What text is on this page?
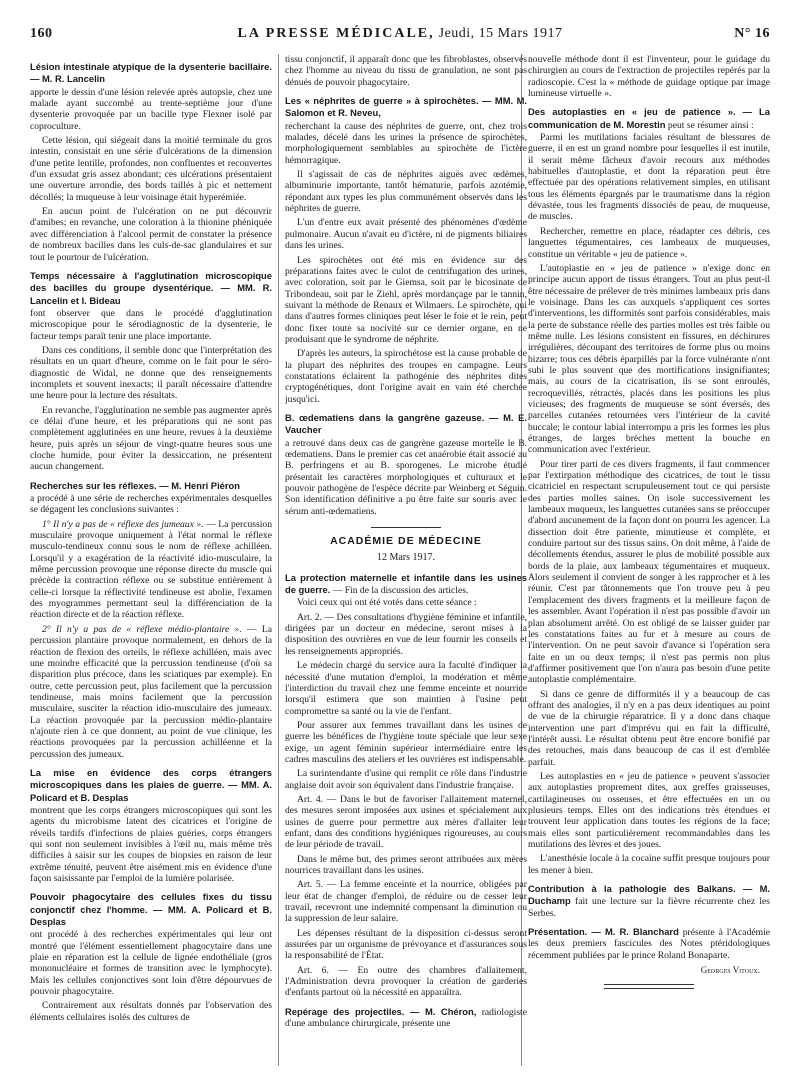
160	LA PRESSE MÉDICALE, Jeudi, 15 Mars 1917	N° 16

Lésion intestinale atypique de la dysenterie bacillaire. — M. R. Lancelin

apporte le dessin d'une lésion relevée après autopsie, chez une malade ayant succombé au trente-septième jour d'une dysenterie provoquée par un bacille type Flexner isolé par coproculture.

Cette lésion, qui siégeait dans la moitié terminale du gros intestin, consistait en une série d'ulcérations de la dimension d'une petite lentille, profondes, non confluentes et recouvertes d'un exsudat gris assez abondant; ces ulcérations présentaient une ouverture arrondie, des bords taillés à pic et nettement décollés; la muqueuse à leur voisinage était hyperémiée.

En aucun point de l'ulcération on ne put découvrir d'amibes; en revanche, une coloration à la thionine phéniquée avec différenciation à l'alcool permit de constater la présence de nombreux bacilles dans les culs-de-sac glandulaires et sur tout le pourtour de l'ulcération.

Temps nécessaire à l'agglutination microscopique des bacilles du groupe dysentérique. — MM. R. Lancelin et I. Bideau

font observer que dans le procédé d'agglutination microscopique pour le sérodiagnostic de la dysenterie, le facteur temps paraît tenir une place importante.

Dans ces conditions, il semble donc que l'interprétation des résultats en un quart d'heure, comme on le fait pour le séro-diagnostic de Widal, ne donne que des renseignements incomplets et souvent inexacts; il paraît nécessaire d'attendre une heure pour la lecture des résultats.

En revanche, l'agglutination ne semble pas augmenter après ce délai d'une heure, et les préparations qui ne sont pas complètement agglutinées en une heure, revues à la deuxième heure, puis après un séjour de vingt-quatre heures sous une cloche humide, pour éviter la dessiccation, ne présentent aucun changement.

Recherches sur les réflexes. — M. Henri Piéron

a procédé à une série de recherches expérimentales desquelles se dégagent les conclusions suivantes :

1° Il n'y a pas de « réflexe des jumeaux ». — La percussion musculaire provoque uniquement à l'état normal le réflexe musculo-tendineux connu sous le nom de réflexe achilléen. Lorsqu'il y a exagération de la réactivité idio-musculaire, la même percussion provoque une réponse directe du muscle qui précède la contraction réflexe ou se substitue entièrement à celle-ci lorsque la réflectivité tendineuse est abolie, l'examen des myogrammes permettant seul la différenciation de la réaction directe et de la réaction réflexe.

2° Il n'y a pas de « réflexe médio-plantaire ». — La percussion plantaire provoque normalement, en dehors de la réaction de flexion des orteils, le réflexe achilléen, mais avec une moindre efficacité que la percussion tendineuse (d'où sa disparition plus précoce, dans les sciatiques par exemple). En outre, cette percussion peut, plus facilement que la percussion tendineuse, mais moins facilement que la percussion musculaire, susciter la réaction idio-musculaire des jumeaux. La réaction provoquée par la percussion médio-plantaire n'ajoute rien à ce que donnent, au point de vue clinique, les réactions provoquées par la percussion achilléenne et la percussion des jumeaux.

La mise en évidence des corps étrangers microscopiques dans les plaies de guerre. — MM. A. Policard et B. Desplas

montrent que les corps étrangers microscopiques qui sont les agents du microbisme latent des cicatrices et l'origine de réveils tardifs d'infections de plaies guéries, corps étrangers qui sont non seulement invisibles à l'œil nu, mais même très difficiles à saisir sur les coupes de biopsies en raison de leur extrême ténuité, peuvent être aisément mis en évidence d'une façon saisissante par l'emploi de la lumière polarisée.

Pouvoir phagocytaire des cellules fixes du tissu conjonctif chez l'homme. — MM. A. Policard et B. Desplas

ont procédé à des recherches expérimentales qui leur ont montré que l'élément essentiellement phagocytaire dans une plaie en réparation est la cellule de lignée endothéliale (gros mononucléaire et formes de transition avec le lymphocyte). Mais les cellules conjonctives sont loin d'être dépourvues de pouvoir phagocytaire.

Contrairement aux résultats donnés par l'observation des éléments cellulaires isolés des cultures de

tissu conjonctif, il apparaît donc que les fibroblastes, observés chez l'homme au niveau du tissu de granulation, ne sont pas dénués de pouvoir phagocytaire.

Les « néphrites de guerre » à spirochètes. — MM. M. Salomon et R. Neveu,

recherchant la cause des néphrites de guerre, ont, chez trois malades, décelé dans les urines la présence de spirochètes, morphologiquement semblables au spirochète de l'ictère hémorragique.

Il s'agissait de cas de néphrites aiguës avec œdèmes, albuminurie importante, tantôt hématurie, parfois azotémie, répondant aux types les plus communément observés dans les néphrites de guerre.

L'un d'entre eux avait présenté des phénomènes d'œdème pulmonaire. Aucun n'avait eu d'ictère, ni de pigments biliaires dans les urines.

Les spirochètes ont été mis en évidence sur des préparations faites avec le culot de centrifugation des urines, avec coloration, soit par le Giemsa, soit par le bicosinate de Tribondeau, soit par le Ziehl, après mordançage par le tannin, suivant la méthode de Renaux et Wilmaers. Le spirochète, qui dans d'autres formes cliniques peut léser le foie et le rein, peut donc fixer toute sa nocivité sur ce dernier organe, en ne produisant que le syndrome de néphrite.

D'après les auteurs, la spirochétose est la cause probable de la plupart des néphrites des troupes en campagne. Leurs constatations éclairent la pathogénie des néphrites dites cryptogénétiques, dont l'origine avait en vain été cherchée jusqu'ici.

B. œdematiens dans la gangrène gazeuse. — M. E. Vaucher

a retrouvé dans deux cas de gangrène gazeuse mortelle le B. œdematiens. Dans le premier cas cet anaérobie était associé au B. perfringens et au B. sporogenes. Le microbe étudié présentait les caractères morphologiques et culturaux et le pouvoir pathogène de l'espèce décrite par Weinberg et Séguin. Son identification définitive a pu être faite sur souris avec le sérum anti-œdematiens.

ACADÉMIE DE MÉDECINE
12 Mars 1917.

La protection maternelle et infantile dans les usines de guerre. — Fin de la discussion des articles.

Voici ceux qui ont été votés dans cette séance :

Art. 2. — Des consultations d'hygiène féminine et infantile, dirigées par un docteur en médecine, seront mises à la disposition des ouvrières en vue de leur fournir les conseils et les renseignements appropriés.

Le médecin chargé du service aura la faculté d'indiquer la nécessité d'une mutation d'emploi, la modération et même l'interdiction du travail chez une femme enceinte et nourrice lorsqu'il estimera que son maintien à l'usine peut compromettre sa santé ou la vie de l'enfant.

Pour assurer aux femmes travaillant dans les usines de guerre les bénéfices de l'hygiène toute spéciale que leur sexe exige, un agent féminin supérieur intermédiaire entre les cadres masculins des ateliers et les ouvrières est indispensable.

La surintendante d'usine qui remplit ce rôle dans l'industrie anglaise doit avoir son équivalent dans l'industrie française.

Art. 4. — Dans le but de favoriser l'allaitement maternel, des mesures seront imposées aux usines et spécialement aux usines de guerre pour permettre aux mères d'allaiter leur enfant, dans des conditions hygiéniques rigoureuses, au cours de leur période de travail.

Dans le même but, des primes seront attribuées aux mères nourrices travaillant dans les usines.

Art. 5. — La femme enceinte et la nourrice, obligées par leur état de changer d'emploi, de réduire ou de cesser leur travail, recevront une indemnité compensant la diminution ou la suppression de leur salaire.

Les dépenses résultant de la disposition ci-dessus seront assurées par un organisme de prévoyance et d'assurances sous la responsabilité de l'État.

Art. 6. — En outre des chambres d'allaitement, l'Administration devra provoquer la création de garderies d'enfants partout où la nécessité en apparaîtra.

Repérage des projectiles. — M. Chéron, radiologiste d'une ambulance chirurgicale, présente une

nouvelle méthode dont il est l'inventeur, pour le guidage du chirurgien au cours de l'extraction de projectiles repérés par la radioscopie. C'est la « méthode de guidage optique par image lumineuse virtuelle ».

Des autoplasties en « jeu de patience ». — La communication de M. Morestin peut se résumer ainsi :

Parmi les mutilations faciales résultant de blessures de guerre, il en est un grand nombre pour lesquelles il est inutile, il serait même fâcheux d'avoir recours aux méthodes habituelles d'autoplastie, et dont la réparation peut être effectuée par des opérations relativement simples, en utilisant tous les éléments épargnés par le traumatisme dans la région dévastée, tous les fragments dissociés de peau, de muqueuse, de muscles.

Rechercher, remettre en place, réadapter ces débris, ces languettes tégumentaires, ces lambeaux de muqueuses, constitue un véritable « jeu de patience ».

L'autoplastie en « jeu de patience » n'exige donc en principe aucun apport de tissus étrangers. Tout au plus peut-il être nécessaire de prélever de très minimes lambeaux pris dans le voisinage. Dans les cas auxquels s'appliquent ces sortes d'interventions, les difformités sont parfois considérables, mais la perte de substance réelle des parties molles est très faible ou même nulle. Les lésions consistent en fissures, en déchirures irrégulières, découpant des territoires de forme plus ou moins bizarre; tous ces débris éparpillés par la force vulnérante n'ont subi le plus souvent que des mortifications insignifiantes; mais, au cours de la cicatrisation, ils se sont enroulés, recroquevillés, rétractés, placés dans les positions les plus vicieuses; des fragments de muqueuse se sont éversés, des parcelles cutanées retournées vers l'intérieur de la cavité buccale; le contour labial interrompu a pris les formes les plus étranges, de larges brèches mettent la bouche en communication avec l'extérieur.

Pour tirer parti de ces divers fragments, il faut commencer par l'extirpation méthodique des cicatrices, de tout le tissu cicatriciel en respectant scrupuleusement tout ce qui persiste des parties molles saines. On isole successivement les lambeaux muqueux, les languettes cutanées sans se préoccuper d'abord aucunement de la façon dont on pourra les agencer. La dissection doit être patiente, minutieuse et complète, et conduire partout sur des tissus sains. On doit même, à l'aide de décollements étendus, assurer le plus de mobilité possible aux bords de la plaie, aux lambeaux tégumentaires et muqueux. Alors seulement il convient de songer à les rapprocher et à les réunir. C'est par tâtonnements que l'on trouve peu à peu l'emplacement des divers fragments et la meilleure façon de les assembler. Avant l'opération il n'est pas possible d'avoir un plan absolument arrêté. On est obligé de se laisser guider par les constatations faites au fur et à mesure au cours de l'intervention. On ne peut savoir d'avance si l'opération sera faite en un ou deux temps; il n'est pas permis non plus d'affirmer positivement que l'on n'aura pas besoin d'une petite autoplastie complémentaire.

Si dans ce genre de difformités il y a beaucoup de cas offrant des analogies, il n'y en a pas deux identiques au point de vue de la chirurgie réparatrice. Il y a donc dans chaque intervention une part d'imprévu qui en fait la difficulté, l'intérêt aussi. Le résultat obtenu peut être encore bonifié par des retouches, mais dans beaucoup de cas il est d'emblée parfait.

Les autoplasties en « jeu de patience » peuvent s'associer aux autoplasties proprement dites, aux greffes graisseuses, cartilagineuses ou osseuses, et être effectuées en un ou plusieurs temps. Elles ont des indications très étendues et trouvent leur application dans toutes les régions de la face; mais elles sont particulièrement recommandables dans les mutilations des lèvres et des joues.

L'anesthésie locale à la cocaïne suffit presque toujours pour les mener à bien.

Contribution à la pathologie des Balkans. — M. Duchamp fait une lecture sur la fièvre récurrente chez les Serbes.

Présentation. — M. R. Blanchard présente à l'Académie les deux premiers fascicules des Notes ptéridologiques récemment publiées par le prince Roland Bonaparte.

Georges Vitoux.
